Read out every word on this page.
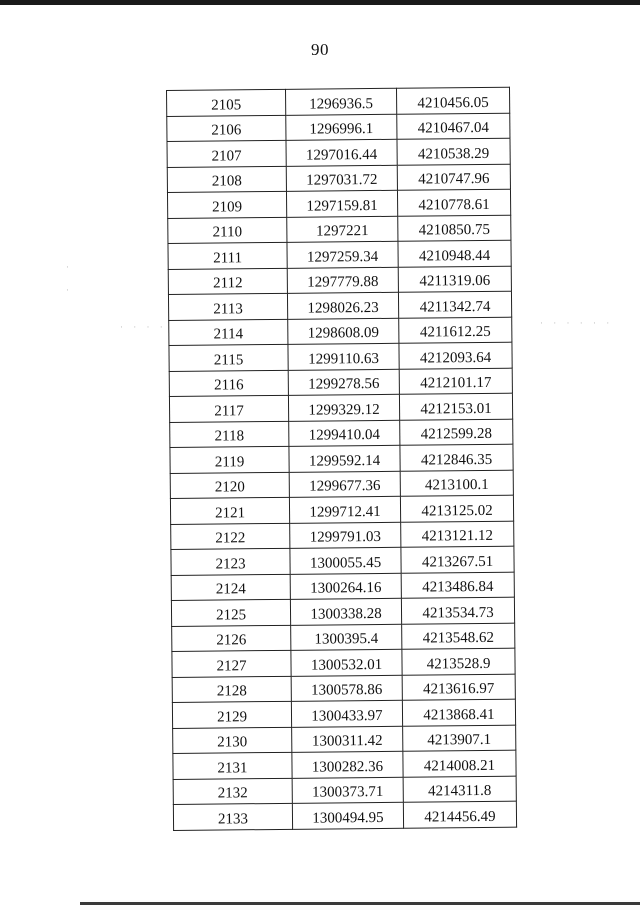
90
2105	1296936.5	4210456.05
2106	1296996.1	4210467.04
2107	1297016.44	4210538.29
2108	1297031.72	4210747.96
2109	1297159.81	4210778.61
2110	1297221	4210850.75
2111	1297259.34	4210948.44
2112	1297779.88	4211319.06
2113	1298026.23	4211342.74
2114	1298608.09	4211612.25
2115	1299110.63	4212093.64
2116	1299278.56	4212101.17
2117	1299329.12	4212153.01
2118	1299410.04	4212599.28
2119	1299592.14	4212846.35
2120	1299677.36	4213100.1
2121	1299712.41	4213125.02
2122	1299791.03	4213121.12
2123	1300055.45	4213267.51
2124	1300264.16	4213486.84
2125	1300338.28	4213534.73
2126	1300395.4	4213548.62
2127	1300532.01	4213528.9
2128	1300578.86	4213616.97
2129	1300433.97	4213868.41
2130	1300311.42	4213907.1
2131	1300282.36	4214008.21
2132	1300373.71	4214311.8
2133	1300494.95	4214456.49
·
·
· · · ·	· · · · · ·
